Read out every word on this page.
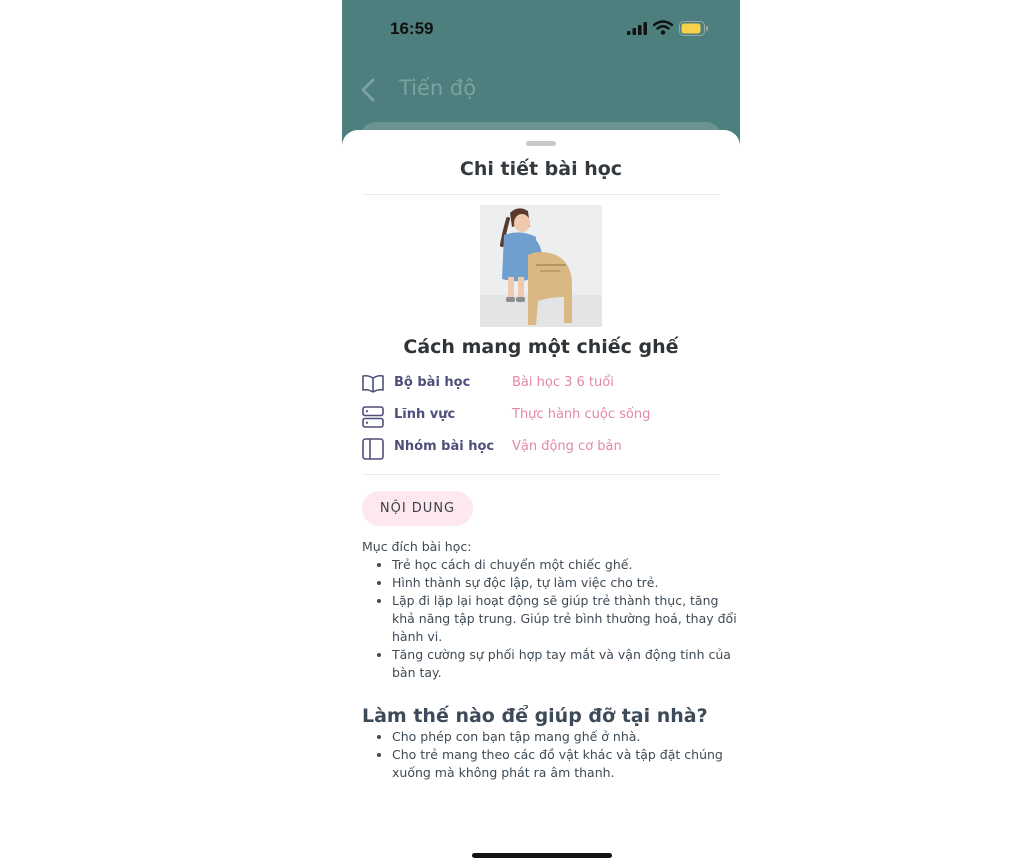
16:59
Tiến độ
Chi tiết bài học
Cách mang một chiếc ghế
Bộ bài học	Bài học 3 6 tuổi
Lĩnh vực	Thực hành cuộc sống
Nhóm bài học Vận động cơ bản
NỘI DUNG
Mục đích bài học:
• Trẻ học cách di chuyển một chiếc ghế.
• Hình thành sự độc lập, tự làm việc cho trẻ.
• Lặp đi lặp lại hoạt động sẽ giúp trẻ thành thục, tăng khả năng tập trung. Giúp trẻ bình thường hoá, thay đổi hành vi.
• Tăng cường sự phối hợp tay mắt và vận động tinh của bàn tay.
Làm thế nào để giúp đỡ tại nhà?
• Cho phép con bạn tập mang ghế ở nhà.
• Cho trẻ mang theo các đồ vật khác và tập đặt chúng xuống mà không phát ra âm thanh.
